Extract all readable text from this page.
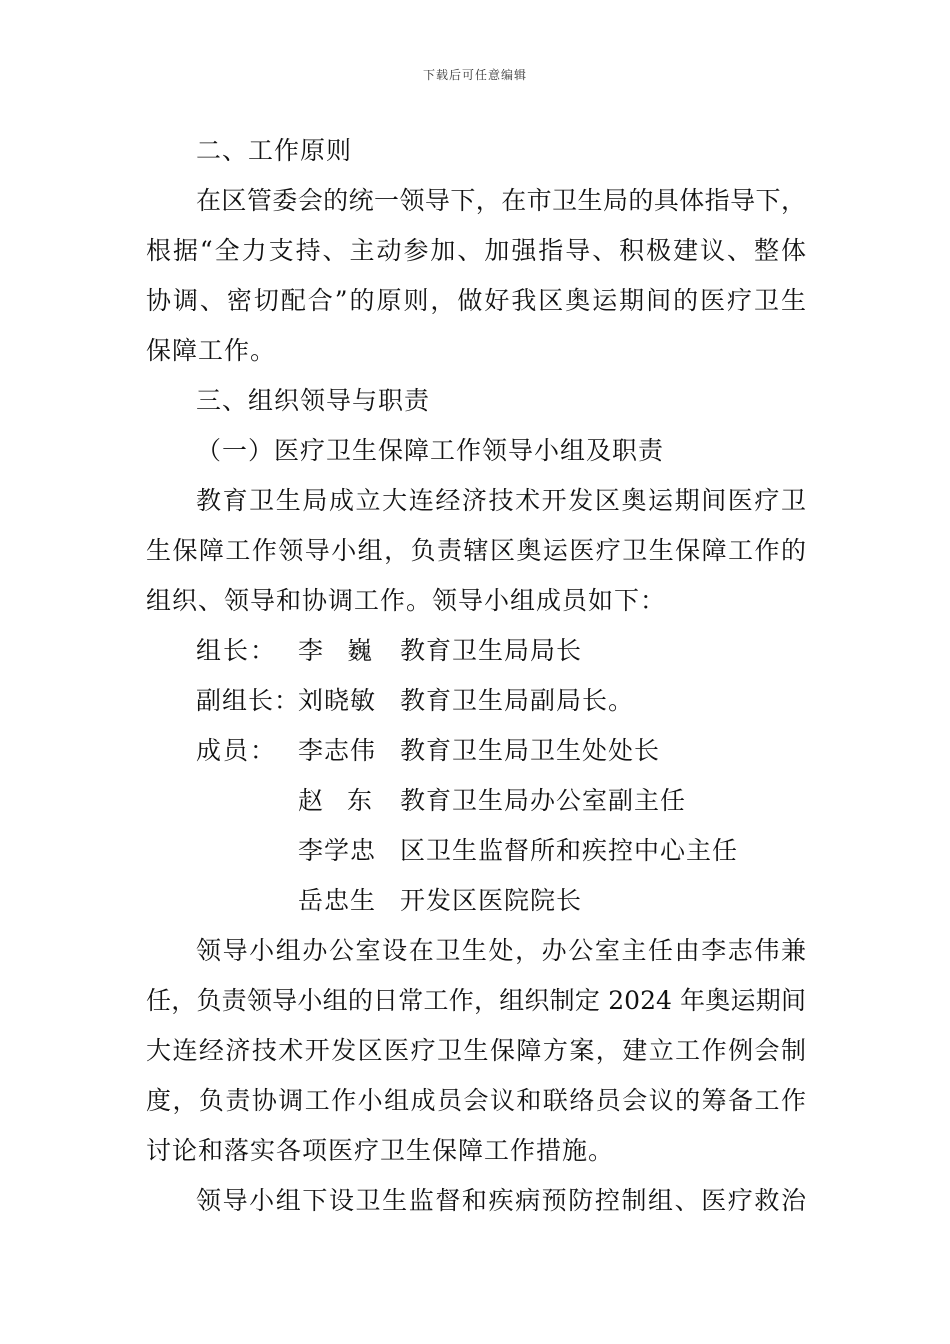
下载后可任意编辑
二、工作原则
在区管委会的统一领导下，在市卫生局的具体指导下，
根据“全力支持、主动参加、加强指导、积极建议、整体
协调、密切配合”的原则，做好我区奥运期间的医疗卫生
保障工作。
三、组织领导与职责
（一）医疗卫生保障工作领导小组及职责
教育卫生局成立大连经济技术开发区奥运期间医疗卫
生保障工作领导小组，负责辖区奥运医疗卫生保障工作的
组织、领导和协调工作。领导小组成员如下：
组长： 李巍 教育卫生局局长
副组长：
刘晓敏 教育卫生局副局长。
成员： 李志伟 教育卫生局卫生处处长
赵东 教育卫生局办公室副主任
李学忠 区卫生监督所和疾控中心主任
岳忠生 开发区医院院长
领导小组办公室设在卫生处，办公室主任由李志伟兼
任，负责领导小组的日常工作，组织制定 2024 年奥运期间
大连经济技术开发区医疗卫生保障方案，建立工作例会制
度，负责协调工作小组成员会议和联络员会议的筹备工作
讨论和落实各项医疗卫生保障工作措施。
领导小组下设卫生监督和疾病预防控制组、医疗救治
